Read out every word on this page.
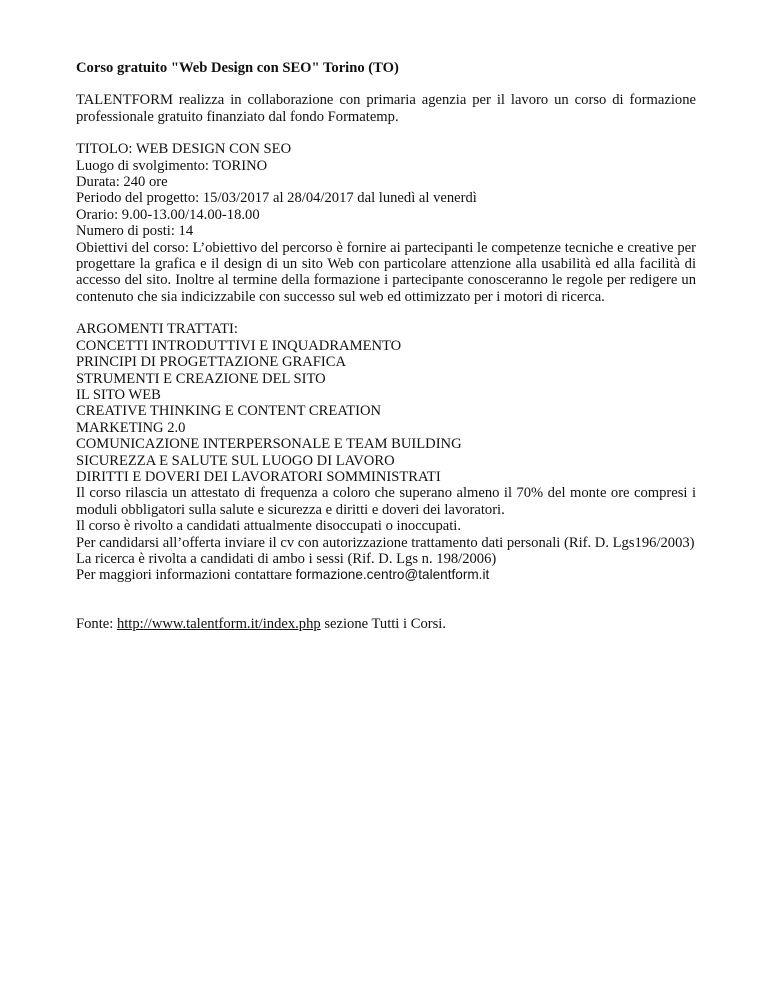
Corso gratuito "Web Design con SEO" Torino (TO)

TALENTFORM realizza in collaborazione con primaria agenzia per il lavoro un corso di formazione professionale gratuito finanziato dal fondo Formatemp.

TITOLO: WEB DESIGN CON SEO
Luogo di svolgimento: TORINO
Durata: 240 ore
Periodo del progetto: 15/03/2017 al 28/04/2017 dal lunedì al venerdì
Orario: 9.00-13.00/14.00-18.00
Numero di posti: 14
Obiettivi del corso: L’obiettivo del percorso è fornire ai partecipanti le competenze tecniche e creative per progettare la grafica e il design di un sito Web con particolare attenzione alla usabilità ed alla facilità di accesso del sito. Inoltre al termine della formazione i partecipante conosceranno le regole per redigere un contenuto che sia indicizzabile con successo sul web ed ottimizzato per i motori di ricerca.
ARGOMENTI TRATTATI:
CONCETTI INTRODUTTIVI E INQUADRAMENTO
PRINCIPI DI PROGETTAZIONE GRAFICA
STRUMENTI E CREAZIONE DEL SITO
IL SITO WEB
CREATIVE THINKING E CONTENT CREATION
MARKETING 2.0
COMUNICAZIONE INTERPERSONALE E TEAM BUILDING
SICUREZZA E SALUTE SUL LUOGO DI LAVORO
DIRITTI E DOVERI DEI LAVORATORI SOMMINISTRATI
Il corso rilascia un attestato di frequenza a coloro che superano almeno il 70% del monte ore compresi i moduli obbligatori sulla salute e sicurezza e diritti e doveri dei lavoratori.
Il corso è rivolto a candidati attualmente disoccupati o inoccupati.
Per candidarsi all’offerta inviare il cv con autorizzazione trattamento dati personali (Rif. D. Lgs196/2003)
La ricerca è rivolta a candidati di ambo i sessi (Rif. D. Lgs n. 198/2006)
Per maggiori informazioni contattare formazione.centro@talentform.it

Fonte: http://www.talentform.it/index.php sezione Tutti i Corsi.
